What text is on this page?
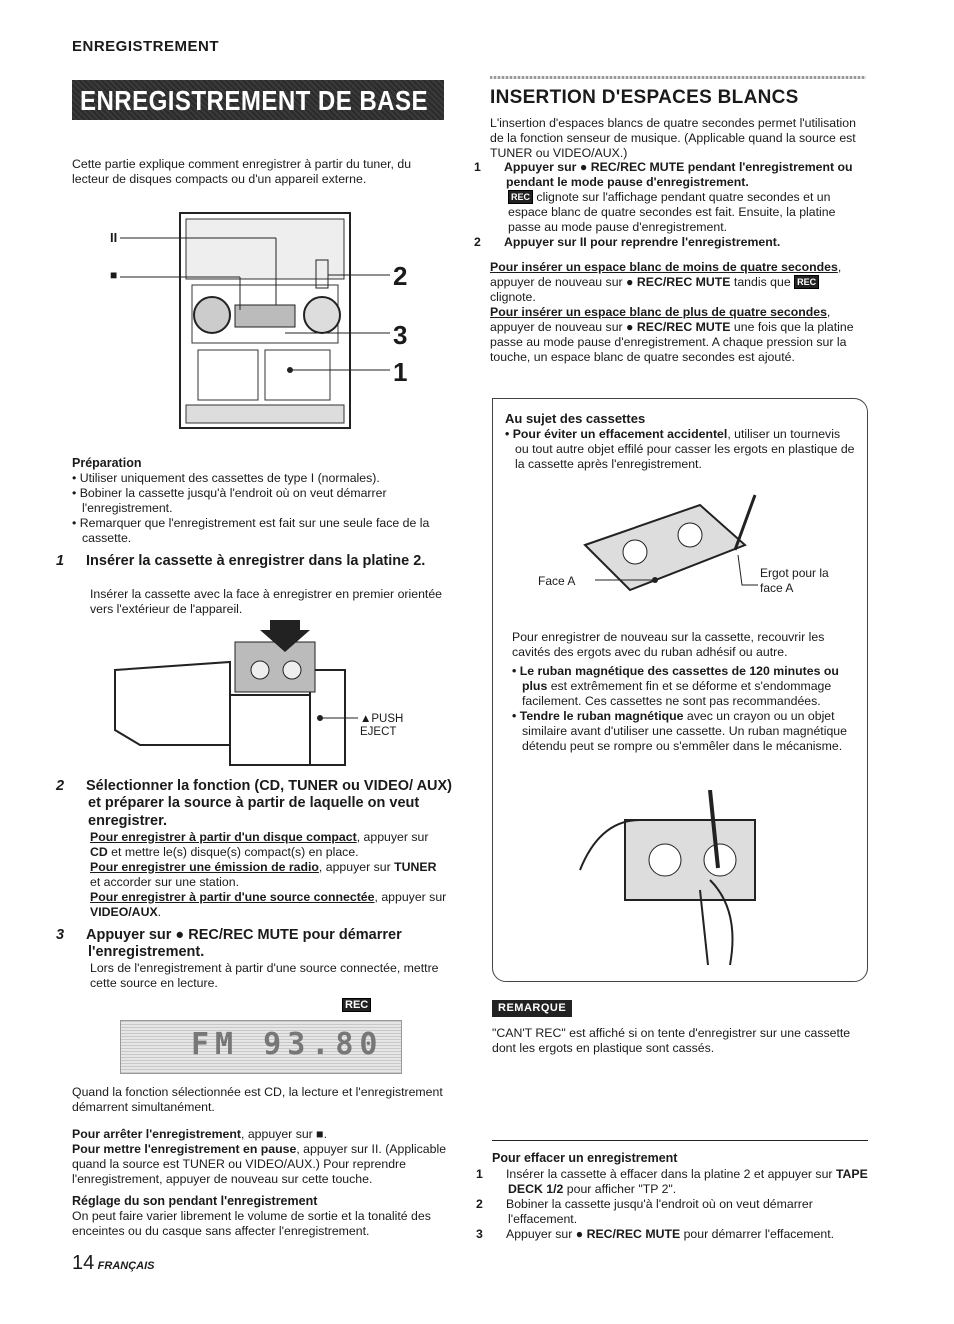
ENREGISTREMENT
ENREGISTREMENT DE BASE

Cette partie explique comment enregistrer à partir du tuner, du lecteur de disques compacts ou d'un appareil externe.

II
■	2
3
1
Préparation

• Utiliser uniquement des cassettes de type I (normales).

• Bobiner la cassette jusqu'à l'endroit où on veut démarrer l'enregistrement.

• Remarquer que l'enregistrement est fait sur une seule face de la cassette.

1 Insérer la cassette à enregistrer dans la platine 2.

Insérer la cassette avec la face à enregistrer en premier orientée vers l'extérieur de l'appareil.

▲PUSH
EJECT
2 Sélectionner la fonction (CD, TUNER ou VIDEO/ AUX) et préparer la source à partir de laquelle on veut enregistrer.

Pour enregistrer à partir d'un disque compact, appuyer sur CD et mettre le(s) disque(s) compact(s) en place.

Pour enregistrer une émission de radio, appuyer sur TUNER et accorder sur une station.

Pour enregistrer à partir d'une source connectée, appuyer sur VIDEO/AUX.

3 Appuyer sur ● REC/REC MUTE pour démarrer l'enregistrement.

Lors de l'enregistrement à partir d'une source connectée, mettre cette source en lecture.

REC
FM 93.80

Quand la fonction sélectionnée est CD, la lecture et l'enregistrement démarrent simultanément.

Pour arrêter l'enregistrement, appuyer sur ■.

Pour mettre l'enregistrement en pause, appuyer sur II. (Applicable quand la source est TUNER ou VIDEO/AUX.) Pour reprendre l'enregistrement, appuyer de nouveau sur cette touche.

Réglage du son pendant l'enregistrement

On peut faire varier librement le volume de sortie et la tonalité des enceintes ou du casque sans affecter l'enregistrement.

14 FRANÇAIS
INSERTION D'ESPACES BLANCS

L'insertion d'espaces blancs de quatre secondes permet l'utilisation de la fonction senseur de musique. (Applicable quand la source est TUNER ou VIDEO/AUX.)

1 Appuyer sur ● REC/REC MUTE pendant l'enregistrement ou pendant le mode pause d'enregistrement.

REC clignote sur l'affichage pendant quatre secondes et un espace blanc de quatre secondes est fait. Ensuite, la platine passe au mode pause d'enregistrement.

2 Appuyer sur II pour reprendre l'enregistrement.

Pour insérer un espace blanc de moins de quatre secondes, appuyer de nouveau sur ● REC/REC MUTE tandis que REC clignote.

Pour insérer un espace blanc de plus de quatre secondes, appuyer de nouveau sur ● REC/REC MUTE une fois que la platine passe au mode pause d'enregistrement. A chaque pression sur la touche, un espace blanc de quatre secondes est ajouté.

Au sujet des cassettes

• Pour éviter un effacement accidentel, utiliser un tournevis ou tout autre objet effilé pour casser les ergots en plastique de la cassette après l'enregistrement.

Face A
Ergot pour la face A

Pour enregistrer de nouveau sur la cassette, recouvrir les cavités des ergots avec du ruban adhésif ou autre.

• Le ruban magnétique des cassettes de 120 minutes ou plus est extrêmement fin et se déforme et s'endommage facilement. Ces cassettes ne sont pas recommandées.

• Tendre le ruban magnétique avec un crayon ou un objet similaire avant d'utiliser une cassette. Un ruban magnétique détendu peut se rompre ou s'emmêler dans le mécanisme.

REMARQUE

"CAN'T REC" est affiché si on tente d'enregistrer sur une cassette dont les ergots en plastique sont cassés.

Pour effacer un enregistrement

1 Insérer la cassette à effacer dans la platine 2 et appuyer sur TAPE DECK 1/2 pour afficher "TP 2".

2 Bobiner la cassette jusqu'à l'endroit où on veut démarrer l'effacement.

3 Appuyer sur ● REC/REC MUTE pour démarrer l'effacement.
